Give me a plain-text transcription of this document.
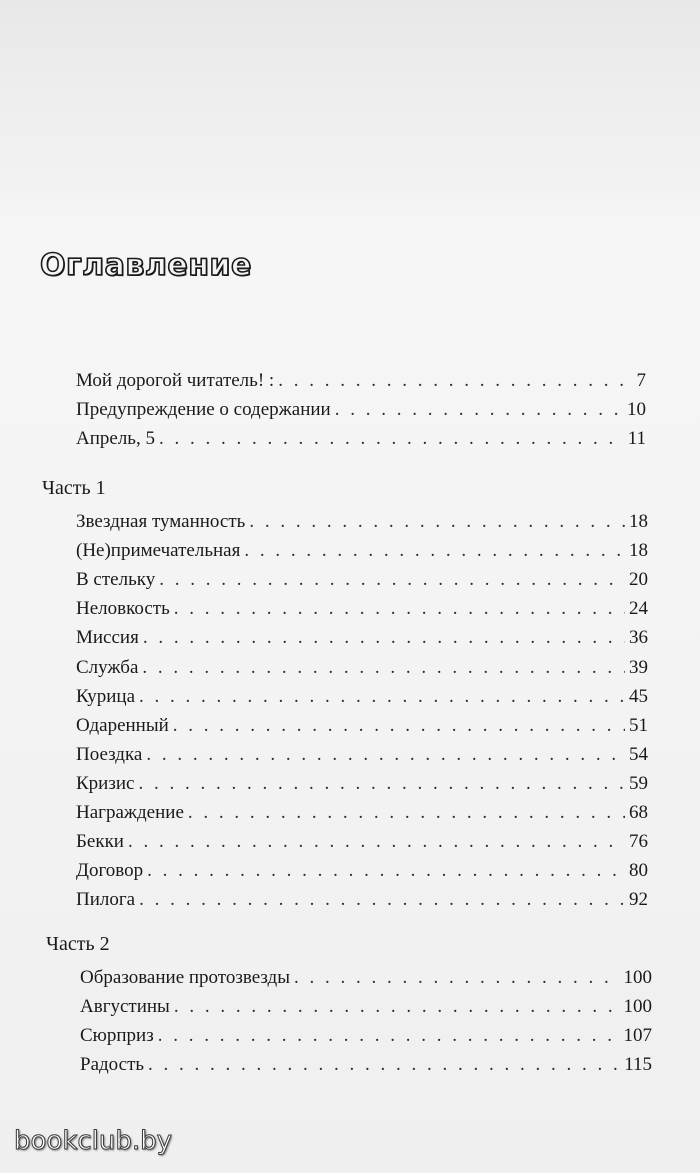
Оглавление
Мой дорогой читатель! : . . .	7
Предупреждение о содержании . . .	10
Апрель, 5 . . .	11
Часть 1
Звездная туманность . . .	18
(Не)примечательная . . .	18
В стельку . . .	20
Неловкость . . .	24
Миссия . . .	36
Служба . . .	39
Курица . . .	45
Одаренный . . .	51
Поездка . . .	54
Кризис . . .	59
Награждение . . .	68
Бекки . . .	76
Договор . . .	80
Пилога . . .	92
Часть 2
Образование протозвезды . . .	100
Августины . . .	100
Сюрприз . . .	107
Радость . . .	115
bookclub.by
